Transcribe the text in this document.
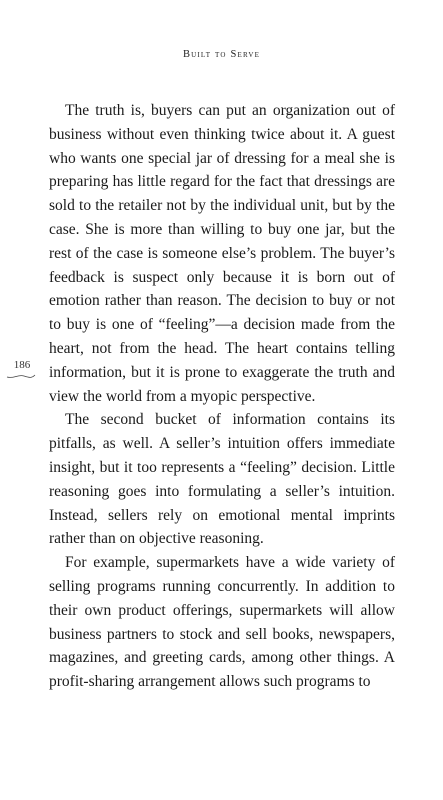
Built to Serve
186

The truth is, buyers can put an organization out of business without even thinking twice about it. A guest who wants one special jar of dressing for a meal she is preparing has little regard for the fact that dressings are sold to the retailer not by the individual unit, but by the case. She is more than willing to buy one jar, but the rest of the case is someone else’s problem. The buyer’s feedback is suspect only because it is born out of emotion rather than reason. The decision to buy or not to buy is one of “feeling”—a decision made from the heart, not from the head. The heart contains telling information, but it is prone to exaggerate the truth and view the world from a myopic perspective.

The second bucket of information contains its pitfalls, as well. A seller’s intuition offers immediate insight, but it too represents a “feeling” decision. Little reasoning goes into formulating a seller’s intuition. Instead, sellers rely on emotional mental imprints rather than on objective reasoning.

For example, supermarkets have a wide variety of selling programs running concurrently. In addition to their own product offerings, supermarkets will allow business partners to stock and sell books, newspapers, magazines, and greeting cards, among other things. A profit-sharing arrangement allows such programs to
